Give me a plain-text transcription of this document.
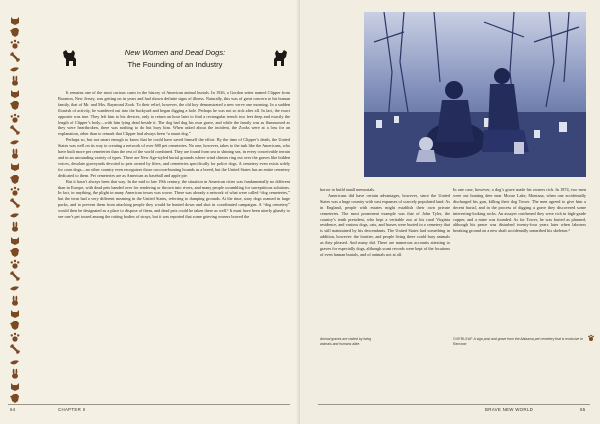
New Women and Dead Dogs:
The Founding of an Industry

It remains one of the most curious cases in the history of American animal burials. In 1926, a Gordon setter named Clipper from Boonton, New Jersey, was getting on in years and had shown definite signs of illness. Naturally, this was of great concern to his human family, that of Mr. and Mrs. Raymond Zook. To their relief, however, the old boy demonstrated a new verve one morning. In a sudden flourish of activity, he wandered out into the backyard and began digging a hole. Perhaps he was not so sick after all. In fact, the exact opposite was true. They left him to his devices, only to return an hour later to find a rectangular trench two feet deep and exactly the length of Clipper’s body—with him lying dead beside it. The dog had dug his own grave, and while the family was as flummoxed as they were heartbroken, there was nothing to do but bury him. When asked about the incident, the Zooks were at a loss for an explanation, other than to remark that Clipper had always been “a smart dog.”

Perhaps so, but not smart enough to know that he could have saved himself the effort. By the time of Clipper’s death, the United States was well on its way to creating a network of over 600 pet cemeteries. No one, however, takes to the task like the Americans, who have built more pet cemeteries than the rest of the world combined. They are found from sea to shining sea, in every conceivable terrain and in an astounding variety of types. There are New Age-styled burial grounds where wind chimes ring out over the graves like hidden voices, desolate graveyards devoted to pets owned by lifers, and cemeteries specifically for police dogs. A cemetery even exists solely for coon dogs—no other country even recognizes those raccoon-hunting hounds as a breed, but the United States has an entire cemetery dedicated to them. Pet cemeteries are as American as baseball and apple pie.

But it hasn’t always been that way. In the mid to late 19th century, the situation in American cities was fundamentally no different than in Europe, with dead pets handed over for rendering or thrown into rivers, and many people scrambling for surreptitious solutions. In fact, in anything, the plight in many American towns was worse. There was already a network of what were called “dog cemeteries,” but the term had a very different meaning in the United States, referring to dumping grounds. At the time, stray dogs roamed in large packs, and to prevent them from attacking people they would be hunted down and shot in coordinated campaigns. A “dog cemetery” would then be designated as a place to dispose of them, and dead pets could be taken there as well.¹ It must have been utterly ghastly to see one’s pet tossed among the rotting bodies of strays, but it was reported that some grieving owners braved the

64	CHAPTER II

horror to build small memorials.

Americans did have certain advantages, however, since the United States was a huge country with vast expanses of scarcely populated land. As in England, people with estates might establish their own private cemeteries. The most prominent example was that of John Tyler, the country’s tenth president, who kept a veritable zoo at his rural Virginia residence, and various dogs, cats, and horses were buried in a cemetery that is still maintained by his descendants. The United States had something in addition, however: the frontier, and people living there could bury animals as they pleased. And many did. There are numerous accounts attesting to graves for especially dogs, although scant records were kept of the locations of even human burials, and of animals not at all.

In one case, however, a dog’s grave made his owners rich. In 1874, two men were out hunting deer near Moose Lake, Montana, when one accidentally discharged his gun, killing their dog Tower. The men agreed to give him a decent burial, and in the process of digging a grave they discovered some interesting-looking rocks. An assayer confirmed they were rich in high-grade copper, and a mine was founded. As for Tower, he was buried as planned, although his peace was disturbed twenty-four years later when laborers breaking ground on a new shaft accidentally unearthed his skeleton.²

Animal graves are visited by living animals and humans alike.
OVERLEAF A sign post and grave from the Alabama pet cemetery that is exclusive to Raccoon
BRAVE NEW WORLD	65
